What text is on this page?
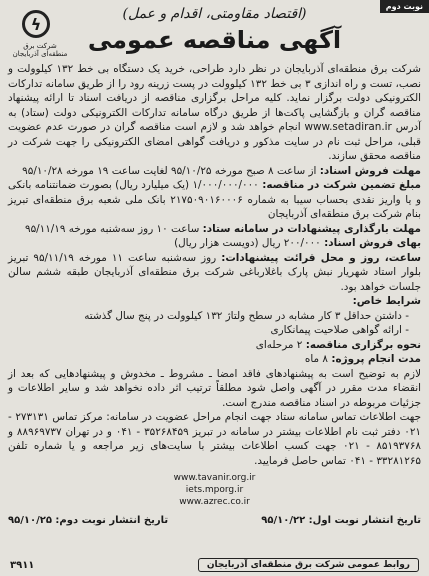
نوبت دوم
(اقتصاد مقاومتی، اقدام و عمل)
آگهی مناقصه عمومی
ϟ
شرکت برق منطقه‌ای آذربایجان

شرکت برق منطقه‌ای آذربایجان در نظر دارد طراحی، خرید یک دستگاه بی خط ۱۳۲ کیلوولت و نصب، تست و راه اندازی ۳ بی خط ۱۳۲ کیلوولت در پست زرینه رود را از طریق سامانه تدارکات الکترونیکی دولت برگزار نماید. کلیه مراحل برگزاری مناقصه از دریافت اسناد تا ارائه پیشنهاد مناقصه گران و بازگشایی پاکت‌ها از طریق درگاه سامانه تدارکات الکترونیکی دولت (ستاد) به آدرس www.setadiran.ir انجام خواهد شد و لازم است مناقصه گران در صورت عدم عضویت قبلی، مراحل ثبت نام در سایت مذکور و دریافت گواهی امضای الکترونیکی را جهت شرکت در مناقصه محقق سازند.

مهلت فروش اسناد: از ساعت ۸ صبح مورخه ۹۵/۱۰/۲۵ لغایت ساعت ۱۹ مورخه ۹۵/۱۰/۲۸

مبلغ تضمین شرکت در مناقصه: ۱/۰۰۰/۰۰۰/۰۰۰ (یک میلیارد ریال) بصورت ضمانتنامه بانکی و یا واریز نقدی بحساب سیبا به شماره ۲۱۷۵۰۹۰۱۶۰۰۰۶ بانک ملی شعبه برق منطقه‌ای تبریز بنام شرکت برق منطقه‌ای آذربایجان

مهلت بارگذاری پیشنهادات در سامانه ستاد: ساعت ۱۰ روز سه‌شنبه مورخه ۹۵/۱۱/۱۹

بهای فروش اسناد: ۲۰۰/۰۰۰ ریال (دویست هزار ریال)

ساعت، روز و محل قرائت پیشنهادات: روز سه‌شنبه ساعت ۱۱ مورخه ۹۵/۱۱/۱۹ تبریز بلوار استاد شهریار نبش پارک باغلارباغی شرکت برق منطقه‌ای آذربایجان طبقه ششم سالن جلسات خواهد بود.

شرایط خاص:

- داشتن حداقل ۳ کار مشابه در سطح ولتاژ ۱۳۲ کیلوولت در پنج سال گذشته
- ارائه گواهی صلاحیت پیمانکاری

نحوه برگزاری مناقصه: ۲ مرحله‌ای

مدت انجام پروژه: ۸ ماه

لازم به توضیح است به پیشنهادهای فاقد امضا ـ مشروط ـ مخدوش و پیشنهادهایی که بعد از انقضاء مدت مقرر در آگهی واصل شود مطلقاً ترتیب اثر داده نخواهد شد و سایر اطلاعات و جزئیات مربوطه در اسناد مناقصه مندرج است.

جهت اطلاعات تماس سامانه ستاد جهت انجام مراحل عضویت در سامانه: مرکز تماس ۲۷۳۱۳۱ - ۰۲۱ دفتر ثبت نام اطلاعات بیشتر در سامانه در تبریز ۳۵۲۶۸۴۵۹ - ۰۴۱ و در تهران ۸۸۹۶۹۷۳۷ و ۸۵۱۹۳۷۶۸ - ۰۲۱ جهت کسب اطلاعات بیشتر با سایت‌های زیر مراجعه و یا شماره تلفن ۳۳۲۸۱۲۶۵ - ۰۴۱ تماس حاصل فرمایید.

www.tavanir.org.ir
iets.mporg.ir
www.azrec.co.ir
تاریخ انتشار نوبت اول: ۹۵/۱۰/۲۲
تاریخ انتشار نوبت دوم: ۹۵/۱۰/۲۵
روابط عمومی شرکت برق منطقه‌ای آذربایجان
۳۹۱۱
